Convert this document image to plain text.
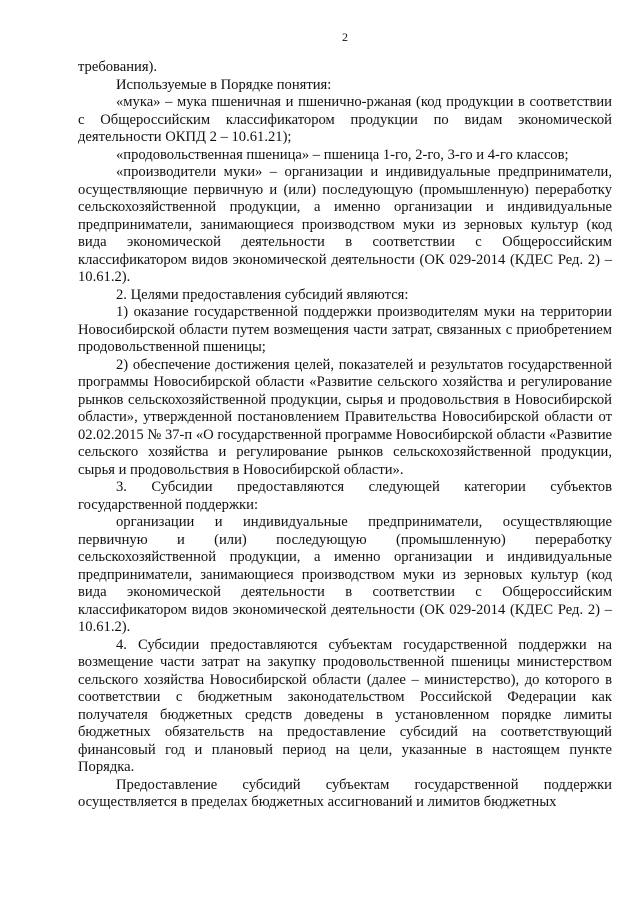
2

требования).

Используемые в Порядке понятия:

«мука» – мука пшеничная и пшенично-ржаная (код продукции в соответствии с Общероссийским классификатором продукции по видам экономической деятельности ОКПД 2 – 10.61.21);

«продовольственная пшеница» – пшеница 1-го, 2-го, 3-го и 4-го классов;

«производители муки» – организации и индивидуальные предприниматели, осуществляющие первичную и (или) последующую (промышленную) переработку сельскохозяйственной продукции, а именно организации и индивидуальные предприниматели, занимающиеся производством муки из зерновых культур (код вида экономической деятельности в соответствии с Общероссийским классификатором видов экономической деятельности (ОК 029-2014 (КДЕС Ред. 2) – 10.61.2).

2. Целями предоставления субсидий являются:

1) оказание государственной поддержки производителям муки на территории Новосибирской области путем возмещения части затрат, связанных с приобретением продовольственной пшеницы;

2) обеспечение достижения целей, показателей и результатов государственной программы Новосибирской области «Развитие сельского хозяйства и регулирование рынков сельскохозяйственной продукции, сырья и продовольствия в Новосибирской области», утвержденной постановлением Правительства Новосибирской области от 02.02.2015 № 37-п «О государственной программе Новосибирской области «Развитие сельского хозяйства и регулирование рынков сельскохозяйственной продукции, сырья и продовольствия в Новосибирской области».

3. Субсидии предоставляются следующей категории субъектов государственной поддержки:

организации и индивидуальные предприниматели, осуществляющие первичную и (или) последующую (промышленную) переработку сельскохозяйственной продукции, а именно организации и индивидуальные предприниматели, занимающиеся производством муки из зерновых культур (код вида экономической деятельности в соответствии с Общероссийским классификатором видов экономической деятельности (ОК 029-2014 (КДЕС Ред. 2) – 10.61.2).

4. Субсидии предоставляются субъектам государственной поддержки на возмещение части затрат на закупку продовольственной пшеницы министерством сельского хозяйства Новосибирской области (далее – министерство), до которого в соответствии с бюджетным законодательством Российской Федерации как получателя бюджетных средств доведены в установленном порядке лимиты бюджетных обязательств на предоставление субсидий на соответствующий финансовый год и плановый период на цели, указанные в настоящем пункте Порядка.

Предоставление субсидий субъектам государственной поддержки осуществляется в пределах бюджетных ассигнований и лимитов бюджетных
